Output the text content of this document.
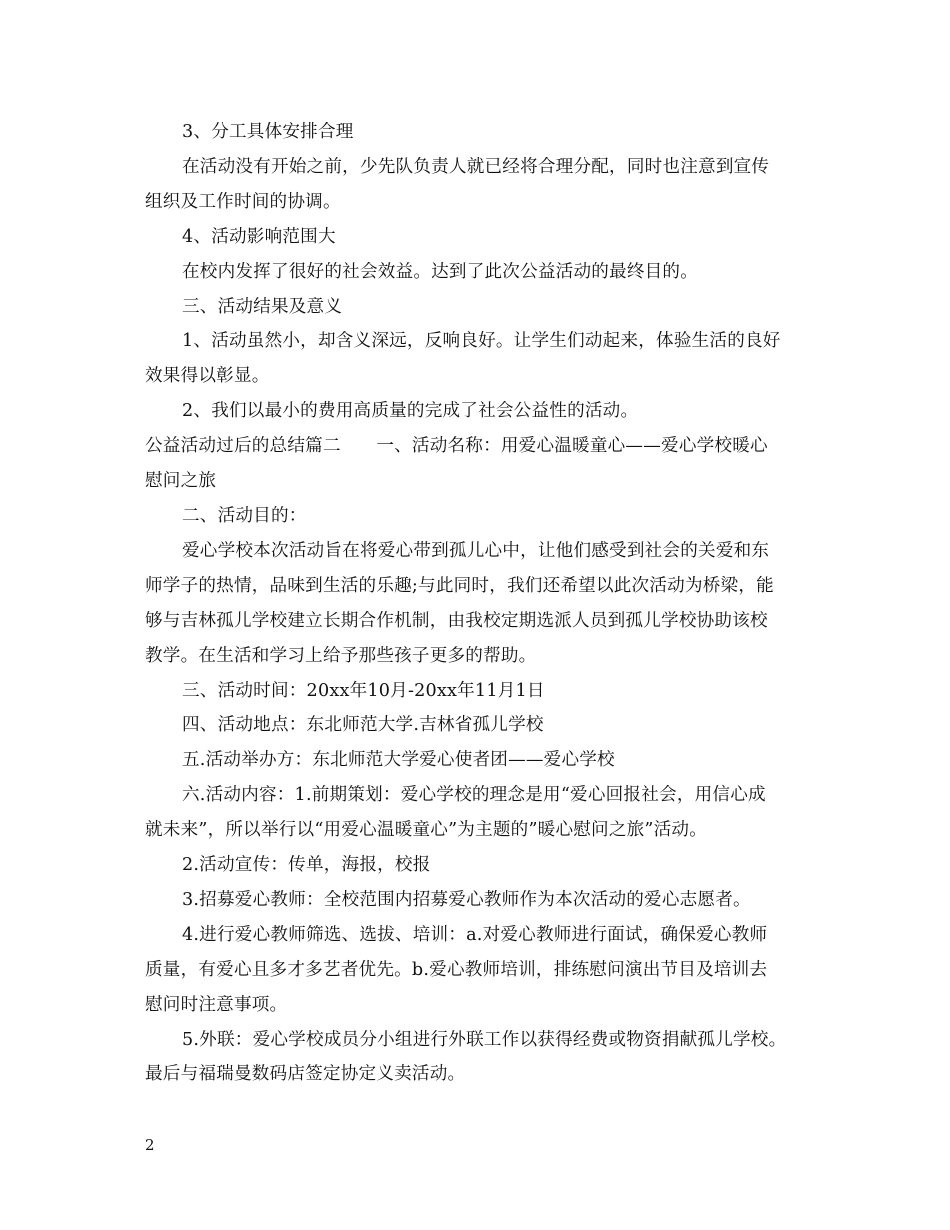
3、分工具体安排合理
在活动没有开始之前，少先队负责人就已经将合理分配，同时也注意到宣传
组织及工作时间的协调。
4、活动影响范围大
在校内发挥了很好的社会效益。达到了此次公益活动的最终目的。
三、活动结果及意义
1、活动虽然小，却含义深远，反响良好。让学生们动起来，体验生活的良好
效果得以彰显。
2、我们以最小的费用高质量的完成了社会公益性的活动。
公益活动过后的总结篇二　　一、活动名称：用爱心温暖童心——爱心学校暖心
慰问之旅
二、活动目的：
爱心学校本次活动旨在将爱心带到孤儿心中，让他们感受到社会的关爱和东
师学子的热情，品味到生活的乐趣;与此同时，我们还希望以此次活动为桥梁，能
够与吉林孤儿学校建立长期合作机制，由我校定期选派人员到孤儿学校协助该校
教学。在生活和学习上给予那些孩子更多的帮助。
三、活动时间：20xx年10月-20xx年11月1日
四、活动地点：东北师范大学.吉林省孤儿学校
五.活动举办方：东北师范大学爱心使者团——爱心学校
六.活动内容：1.前期策划：爱心学校的理念是用“爱心回报社会，用信心成
就未来”，所以举行以“用爱心温暖童心”为主题的”暖心慰问之旅”活动。
2.活动宣传：传单，海报，校报
3.招募爱心教师：全校范围内招募爱心教师作为本次活动的爱心志愿者。
4.进行爱心教师筛选、选拔、培训：a.对爱心教师进行面试，确保爱心教师
质量，有爱心且多才多艺者优先。b.爱心教师培训，排练慰问演出节目及培训去
慰问时注意事项。
5.外联：爱心学校成员分小组进行外联工作以获得经费或物资捐献孤儿学校。
最后与福瑞曼数码店签定协定义卖活动。
2
